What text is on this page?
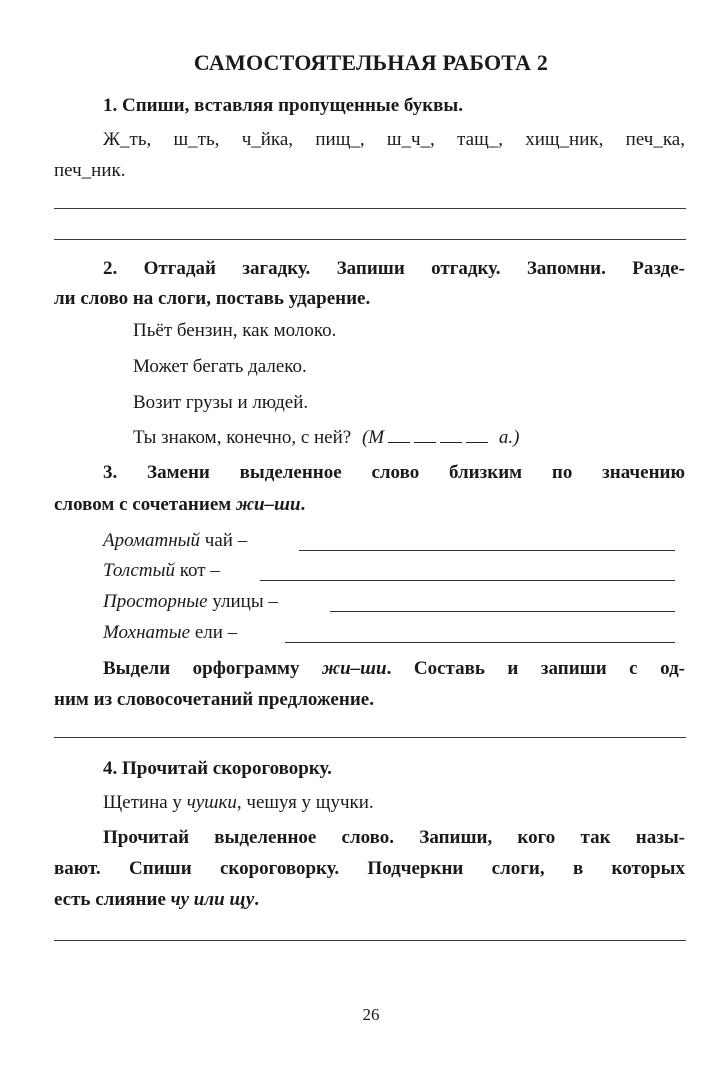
САМОСТОЯТЕЛЬНАЯ РАБОТА 2
1. Спиши, вставляя пропущенные буквы.
Ж_ть, ш_ть, ч_йка, пищ_, ш_ч_, тащ_, хищ_ник, печ_ка,
печ_ник.
2. Отгадай загадку. Запиши отгадку. Запомни. Разде-
ли слово на слоги, поставь ударение.
Пьёт бензин, как молоко.
Может бегать далеко.
Возит грузы и людей.
Ты знаком, конечно, с ней? (М	а.)
3. Замени выделенное слово близким по значению
словом с сочетанием жи–ши.
Ароматный чай –
Толстый кот –
Просторные улицы –
Мохнатые ели –
Выдели орфограмму жи–ши. Составь и запиши с од-
ним из словосочетаний предложение.
4. Прочитай скороговорку.
Щетина у чушки, чешуя у щучки.
Прочитай выделенное слово. Запиши, кого так назы-
вают. Спиши скороговорку. Подчеркни слоги, в которых
есть слияние чу или щу.
26
